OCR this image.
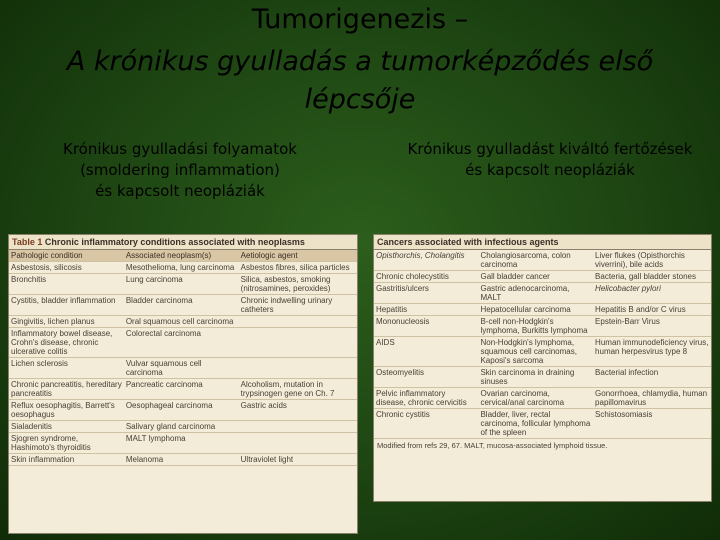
Tumorigenezis –
A krónikus gyulladás a tumorképződés első
lépcsője
Krónikus gyulladási folyamatok
(smoldering inflammation)
és kapcsolt neopláziák
Krónikus gyulladást kiváltó fertőzések
és kapcsolt neopláziák
Table 1 Chronic inflammatory conditions associated with neoplasms
Pathologic condition	Associated neoplasm(s)	Aetiologic agent
Asbestosis, silicosis	Mesothelioma, lung carcinoma	Asbestos fibres, silica particles
Bronchitis	Lung carcinoma	Silica, asbestos, smoking (nitrosamines, peroxides)
Cystitis, bladder inflammation	Bladder carcinoma	Chronic indwelling urinary catheters
Gingivitis, lichen planus	Oral squamous cell carcinoma	
Inflammatory bowel disease, Crohn's disease, chronic ulcerative colitis	Colorectal carcinoma	
Lichen sclerosis	Vulvar squamous cell carcinoma	
Chronic pancreatitis, hereditary pancreatitis	Pancreatic carcinoma	Alcoholism, mutation in trypsinogen gene on Ch. 7
Reflux oesophagitis, Barrett's oesophagus	Oesophageal carcinoma	Gastric acids
Sialadenitis	Salivary gland carcinoma	
Sjogren syndrome, Hashimoto's thyroiditis	MALT lymphoma	
Skin inflammation	Melanoma	Ultraviolet light
Cancers associated with infectious agents
Opisthorchis, Cholangitis	Cholangiosarcoma, colon carcinoma	Liver flukes (Opisthorchis viverrini), bile acids
Chronic cholecystitis	Gall bladder cancer	Bacteria, gall bladder stones
Gastritis/ulcers	Gastric adenocarcinoma, MALT	Helicobacter pylori
Hepatitis	Hepatocellular carcinoma	Hepatitis B and/or C virus
Mononucleosis	B-cell non-Hodgkin's lymphoma, Burkitts lymphoma	Epstein-Barr Virus
AIDS	Non-Hodgkin's lymphoma, squamous cell carcinomas, Kaposi's sarcoma	Human immunodeficiency virus, human herpesvirus type 8
Osteomyelitis	Skin carcinoma in draining sinuses	Bacterial infection
Pelvic inflammatory disease, chronic cervicitis	Ovarian carcinoma, cervical/anal carcinoma	Gonorrhoea, chlamydia, human papillomavirus
Chronic cystitis	Bladder, liver, rectal carcinoma, follicular lymphoma of the spleen	Schistosomiasis
Modified from refs 29, 67. MALT, mucosa-associated lymphoid tissue.
